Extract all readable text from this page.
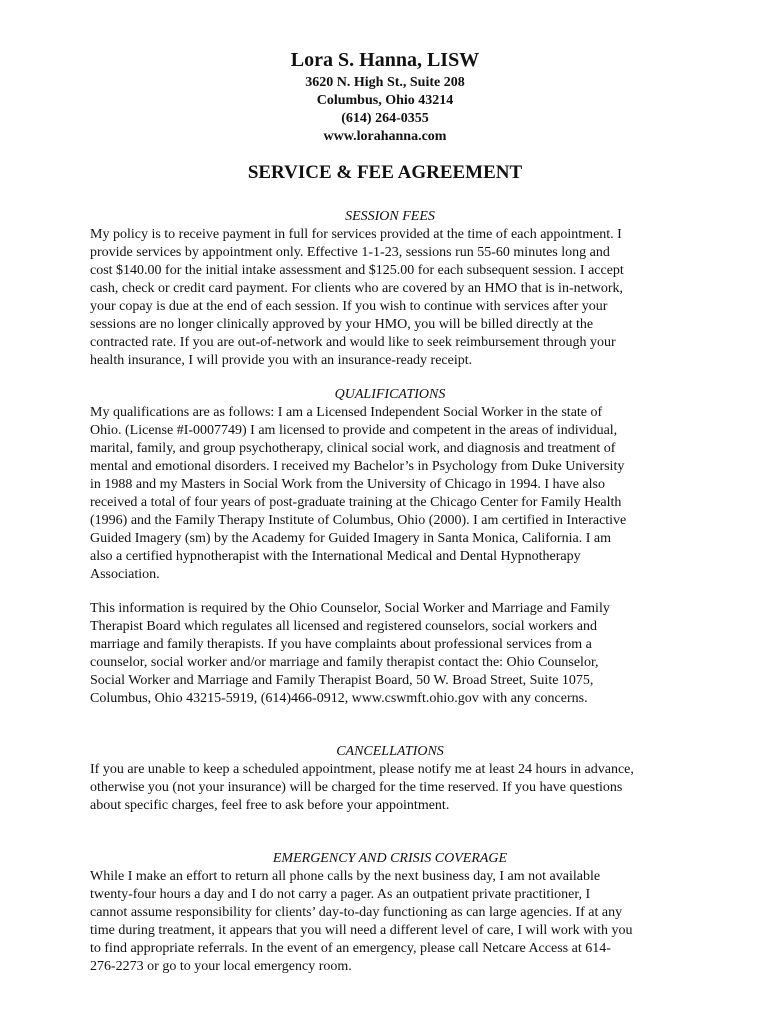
Lora S. Hanna, LISW

3620 N. High St., Suite 208

Columbus, Ohio 43214

(614) 264-0355

www.lorahanna.com

SERVICE & FEE AGREEMENT

SESSION FEES

My policy is to receive payment in full for services provided at the time of each appointment. I
provide services by appointment only. Effective 1-1-23, sessions run 55-60 minutes long and
cost $140.00 for the initial intake assessment and $125.00 for each subsequent session. I accept
cash, check or credit card payment. For clients who are covered by an HMO that is in-network,
your copay is due at the end of each session. If you wish to continue with services after your
sessions are no longer clinically approved by your HMO, you will be billed directly at the
contracted rate. If you are out-of-network and would like to seek reimbursement through your
health insurance, I will provide you with an insurance-ready receipt.

QUALIFICATIONS

My qualifications are as follows: I am a Licensed Independent Social Worker in the state of
Ohio. (License #I-0007749) I am licensed to provide and competent in the areas of individual,
marital, family, and group psychotherapy, clinical social work, and diagnosis and treatment of
mental and emotional disorders. I received my Bachelor’s in Psychology from Duke University
in 1988 and my Masters in Social Work from the University of Chicago in 1994. I have also
received a total of four years of post-graduate training at the Chicago Center for Family Health
(1996) and the Family Therapy Institute of Columbus, Ohio (2000). I am certified in Interactive
Guided Imagery (sm) by the Academy for Guided Imagery in Santa Monica, California. I am
also a certified hypnotherapist with the International Medical and Dental Hypnotherapy
Association.

This information is required by the Ohio Counselor, Social Worker and Marriage and Family
Therapist Board which regulates all licensed and registered counselors, social workers and
marriage and family therapists. If you have complaints about professional services from a
counselor, social worker and/or marriage and family therapist contact the: Ohio Counselor,
Social Worker and Marriage and Family Therapist Board, 50 W. Broad Street, Suite 1075,
Columbus, Ohio 43215-5919, (614)466-0912, www.cswmft.ohio.gov with any concerns.

CANCELLATIONS

If you are unable to keep a scheduled appointment, please notify me at least 24 hours in advance,
otherwise you (not your insurance) will be charged for the time reserved. If you have questions
about specific charges, feel free to ask before your appointment.

EMERGENCY AND CRISIS COVERAGE

While I make an effort to return all phone calls by the next business day, I am not available
twenty-four hours a day and I do not carry a pager. As an outpatient private practitioner, I
cannot assume responsibility for clients’ day-to-day functioning as can large agencies. If at any
time during treatment, it appears that you will need a different level of care, I will work with you
to find appropriate referrals. In the event of an emergency, please call Netcare Access at 614-
276-2273 or go to your local emergency room.
